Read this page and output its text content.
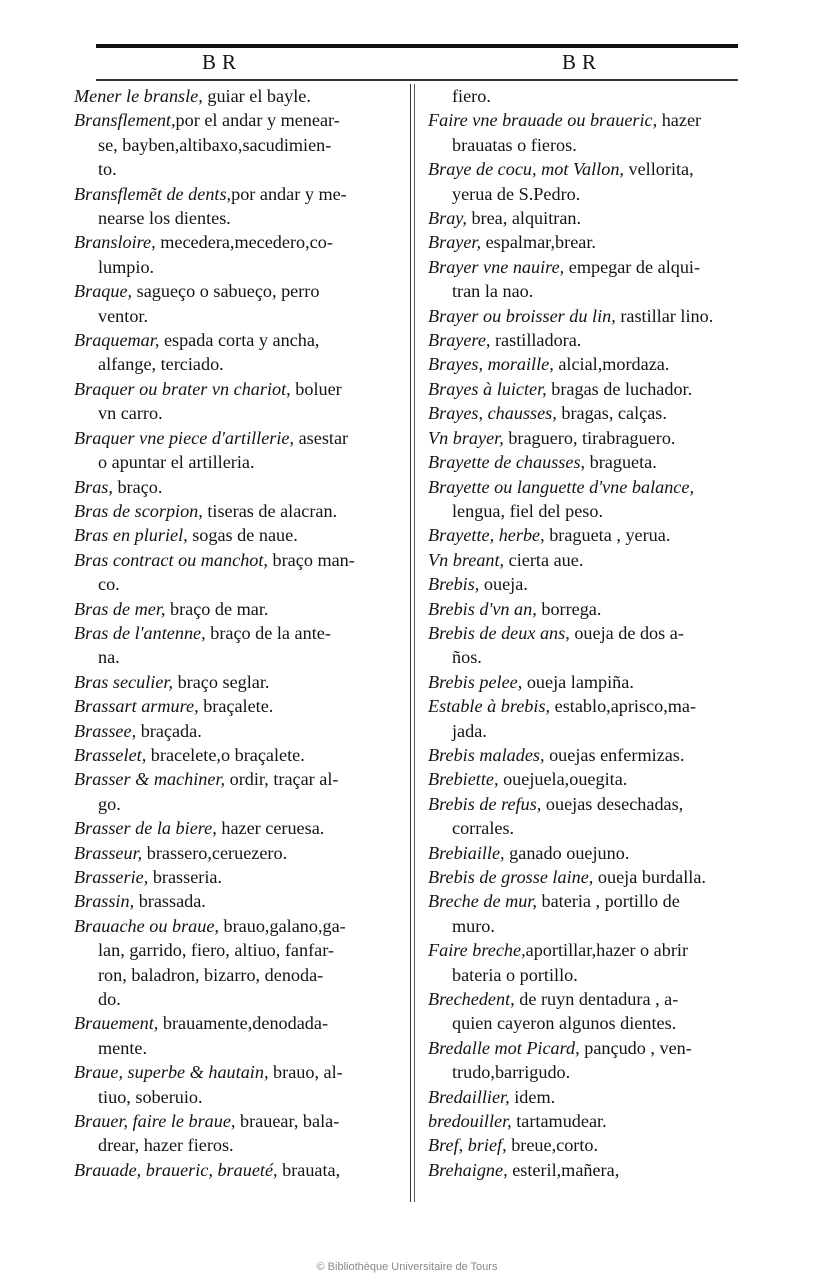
BR	BR
Mener le bransle, guiar el bayle.
Bransflement,por el andar y menear-
se, bayben,altibaxo,sacudimien-
to.
Bransflemẽt de dents,por andar y me-
nearse los dientes.
Bransloire, mecedera,mecedero,co-
lumpio.
Braque, sagueço o sabueço, perro
ventor.
Braquemar, espada corta y ancha,
alfange, terciado.
Braquer ou brater vn chariot, boluer
vn carro.
Braquer vne piece d'artillerie, asestar
o apuntar el artilleria.
Bras, braço.
Bras de scorpion, tiseras de alacran.
Bras en pluriel, sogas de naue.
Bras contract ou manchot, braço man-
co.
Bras de mer, braço de mar.
Bras de l'antenne, braço de la ante-
na.
Bras seculier, braço seglar.
Brassart armure, braçalete.
Brassee, braçada.
Brasselet, bracelete,o braçalete.
Brasser & machiner, ordir, traçar al-
go.
Brasser de la biere, hazer ceruesa.
Brasseur, brassero,ceruezero.
Brasserie, brasseria.
Brassin, brassada.
Brauache ou braue, brauo,galano,ga-
lan, garrido, fiero, altiuo, fanfar-
ron, baladron, bizarro, denoda-
do.
Brauement, brauamente,denodada-
mente.
Braue, superbe & hautain, brauo, al-
tiuo, soberuio.
Brauer, faire le braue, brauear, bala-
drear, hazer fieros.
Brauade, braueric, braueté, brauata,
fiero.
Faire vne brauade ou braueric, hazer
brauatas o fieros.
Braye de cocu, mot Vallon, vellorita,
yerua de S.Pedro.
Bray, brea, alquitran.
Brayer, espalmar,brear.
Brayer vne nauire, empegar de alqui-
tran la nao.
Brayer ou broisser du lin, rastillar lino.
Brayere, rastilladora.
Brayes, moraille, alcial,mordaza.
Brayes à luicter, bragas de luchador.
Brayes, chausses, bragas, calças.
Vn brayer, braguero, tirabraguero.
Brayette de chausses, bragueta.
Brayette ou languette d'vne balance,
lengua, fiel del peso.
Brayette, herbe, bragueta , yerua.
Vn breant, cierta aue.
Brebis, oueja.
Brebis d'vn an, borrega.
Brebis de deux ans, oueja de dos a-
ños.
Brebis pelee, oueja lampiña.
Estable à brebis, establo,aprisco,ma-
jada.
Brebis malades, ouejas enfermizas.
Brebiette, ouejuela,ouegita.
Brebis de refus, ouejas desechadas,
corrales.
Brebiaille, ganado ouejuno.
Brebis de grosse laine, oueja burdalla.
Breche de mur, bateria , portillo de
muro.
Faire breche,aportillar,hazer o abrir
bateria o portillo.
Brechedent, de ruyn dentadura , a-
quien cayeron algunos dientes.
Bredalle mot Picard, pançudo , ven-
trudo,barrigudo.
Bredaillier, idem.
bredouiller, tartamudear.
Bref, brief, breue,corto.
Brehaigne, esteril,mañera,
© Bibliothèque Universitaire de Tours
